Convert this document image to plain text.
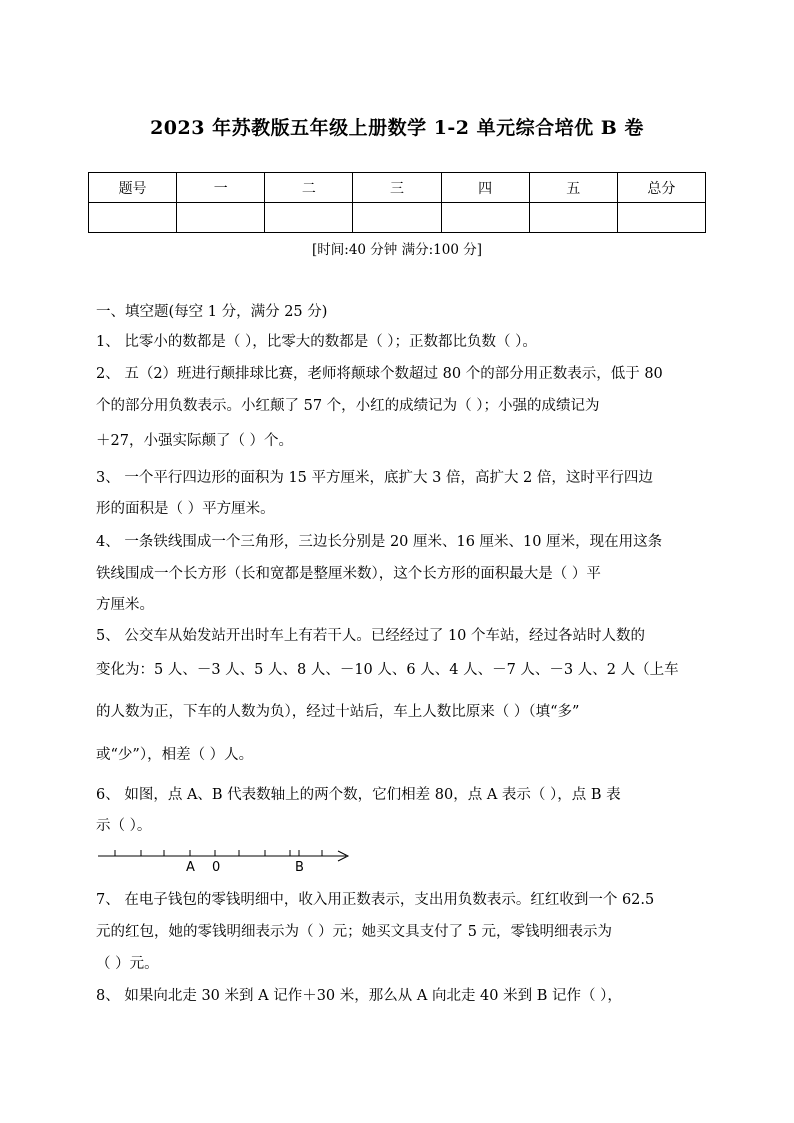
2023 年苏教版五年级上册数学 1-2 单元综合培优 B 卷
题号	一	二	三	四	五	总分

[时间:40 分钟 满分:100 分]
一、填空题(每空 1 分，满分 25 分)
1、 比零小的数都是（ ），比零大的数都是（ ）；正数都比负数（ ）。
2、 五（2）班进行颠排球比赛，老师将颠球个数超过 80 个的部分用正数表示，低于 80
个的部分用负数表示。小红颠了 57 个，小红的成绩记为（ ）；小强的成绩记为
＋27，小强实际颠了（ ）个。
3、 一个平行四边形的面积为 15 平方厘米，底扩大 3 倍，高扩大 2 倍，这时平行四边
形的面积是（ ）平方厘米。
4、 一条铁线围成一个三角形，三边长分别是 20 厘米、16 厘米、10 厘米，现在用这条
铁线围成一个长方形（长和宽都是整厘米数），这个长方形的面积最大是（ ）平
方厘米。
5、 公交车从始发站开出时车上有若干人。已经经过了 10 个车站，经过各站时人数的
变化为：5 人、－3 人、5 人、8 人、－10 人、6 人、4 人、－7 人、－3 人、2 人（上车
的人数为正，下车的人数为负），经过十站后，车上人数比原来（ ）（填“多”
或“少”），相差（ ）人。
6、 如图，点 A、B 代表数轴上的两个数，它们相差 80，点 A 表示（ ），点 B 表
示（ ）。
A 0	B
7、 在电子钱包的零钱明细中，收入用正数表示，支出用负数表示。红红收到一个 62.5
元的红包，她的零钱明细表示为（ ）元；她买文具支付了 5 元，零钱明细表示为
（ ）元。
8、 如果向北走 30 米到 A 记作＋30 米，那么从 A 向北走 40 米到 B 记作（ ），
